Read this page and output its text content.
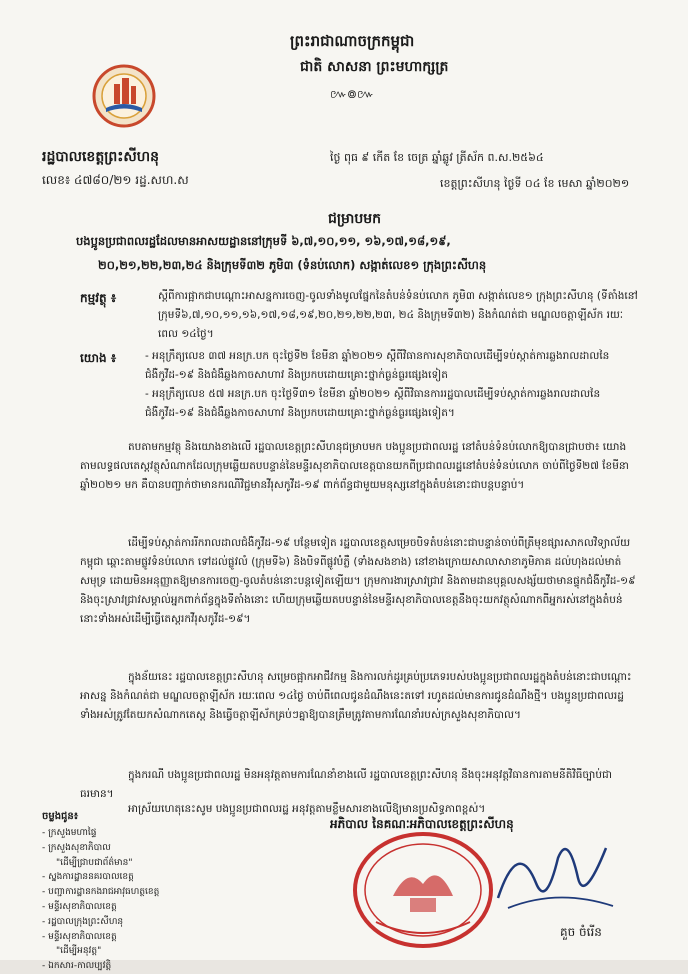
ព្រះរាជាណាចក្រកម្ពុជា
ជាតិ សាសនា ព្រះមហាក្សត្រ
៚៙៚
រដ្ឋបាលខេត្តព្រះសីហនុ
លេខ៖ ៤៧៨០/២១ រដ្ឋ.សហ.ស
ថ្ងៃ ពុធ ៩ កើត ខែ ចេត្រ ឆ្នាំឆ្លូវ ត្រីស័ក ព.ស.២៥៦៤
ខេត្តព្រះសីហនុ ថ្ងៃទី ០៤ ខែ មេសា ឆ្នាំ២០២១
ជម្រាបមក
បងប្អូនប្រជាពលរដ្ឋដែលមានអាសយដ្ឋាននៅក្រុមទី ៦,៧,១០,១១, ១៦,១៧,១៨,១៩,
២០,២១,២២,២៣,២៤ និងក្រុមទី៣២ ភូមិ៣ (ទំនប់លោក) សង្កាត់លេខ១ ក្រុងព្រះសីហនុ
កម្មវត្ថុ ៖	ស្តីពីការផ្អាកជាបណ្តោះអាសន្នការចេញ-ចូលទាំងមូលផ្នែកនៃតំបន់ទំនប់លោក ភូមិ៣ សង្កាត់លេខ១ ក្រុងព្រះសីហនុ (ទីតាំងនៅក្រុមទី៦,៧,១០,១១,១៦,១៧,១៨,១៩,២០,២១,២២,២៣, ២៤ និងក្រុមទី៣២) និងកំណត់ជា មណ្ឌលចត្តាឡីស័ក រយៈពេល ១៤ថ្ងៃ។

យោង ៖	- អនុក្រឹត្យលេខ ៣៧ អនក្រ.បក ចុះថ្ងៃទី២ ខែមីនា ឆ្នាំ២០២១ ស្តីពីវិធានការសុខាភិបាលដើម្បីទប់ស្កាត់ការឆ្លងរាលដាលនៃជំងឺកូវីដ-១៩ និងជំងឺឆ្លងកាចសាហាវ និងប្រកបដោយគ្រោះថ្នាក់ធ្ងន់ធ្ងរផ្សេងទៀត

- អនុក្រឹត្យលេខ ៥៧ អនក្រ.បក ចុះថ្ងៃទី៣១ ខែមីនា ឆ្នាំ២០២១ ស្តីពីវិធានការរដ្ឋបាលដើម្បីទប់ស្កាត់ការឆ្លងរាលដាលនៃជំងឺកូវីដ-១៩ និងជំងឺឆ្លងកាចសាហាវ និងប្រកបដោយគ្រោះថ្នាក់ធ្ងន់ធ្ងរផ្សេងទៀត។

តបតាមកម្មវត្ថុ និងយោងខាងលើ រដ្ឋបាលខេត្តព្រះសីហនុជម្រាបមក បងប្អូនប្រជាពលរដ្ឋ នៅតំបន់ទំនប់លោកឱ្យបានជ្រាបថា៖ យោងតាមលទ្ធផលតេស្តវត្ថុសំណាកដែលក្រុមឆ្លើយតបបន្ទាន់នៃមន្ទីរសុខាភិបាលខេត្តបានយកពីប្រជាពលរដ្ឋនៅតំបន់ទំនប់លោក ចាប់ពីថ្ងៃទី២៧ ខែមីនា ឆ្នាំ២០២១ មក គឺបានបញ្ជាក់ថាមានករណីវិជ្ជមានវីរុសកូវីដ-១៩ ពាក់ព័ន្ធជាមួយមនុស្សនៅក្នុងតំបន់នោះជាបន្តបន្ទាប់។

ដើម្បីទប់ស្កាត់ការរីករាលដាលជំងឺកូវីដ-១៩ បន្ថែមទៀត រដ្ឋបាលខេត្តសម្រេចបិទតំបន់នោះជាបន្ទាន់ចាប់ពីត្រីមុខផ្សារសាកលវិទ្យាល័យកម្ពុជា ឆ្ពោះតាមផ្លូវទំនប់លោក ទៅដល់ផ្លូវលំ (ក្រុមទី៦) និងបិទពីផ្លូវបំភ្លឺ (ទាំងសងខាង) នៅខាងក្រោយសាលាសាខាភូមិភាគ ដល់ហុងដល់មាត់សមុទ្រ ដោយមិនអនុញ្ញាតឱ្យមានការចេញ-ចូលតំបន់នោះបន្តទៀតឡើយ។ ក្រុមការងារស្រាវជ្រាវ និងតាមដានបុគ្គលសង្ស័យថាមានផ្ទុកជំងឺកូវីដ-១៩ និងចុះស្រាវជ្រាវសម្គាល់អ្នកពាក់ព័ន្ធក្នុងទីតាំងនោះ ហើយក្រុមឆ្លើយតបបន្ទាន់នៃមន្ទីរសុខាភិបាលខេត្តនឹងចុះយកវត្ថុសំណាកពីអ្នករស់នៅក្នុងតំបន់នោះទាំងអស់ដើម្បីធ្វើតេស្តរកវីរុសកូវីដ-១៩។

ក្នុងន័យនេះ រដ្ឋបាលខេត្តព្រះសីហនុ សម្រេចផ្អាកអាជីវកម្ម និងការលក់ដូរគ្រប់ប្រភេទរបស់បងប្អូនប្រជាពលរដ្ឋក្នុងតំបន់នោះជាបណ្តោះអាសន្ន និងកំណត់ជា មណ្ឌលចត្តាឡីស័ក រយៈពេល ១៤ថ្ងៃ ចាប់ពីពេលជូនដំណឹងនេះតទៅ រហូតដល់មានការជូនដំណឹងថ្មី។ បងប្អូនប្រជាពលរដ្ឋទាំងអស់ត្រូវតែយកសំណាកតេស្ត និងធ្វើចត្តាឡីស័កគ្រប់ៗគ្នាឱ្យបានត្រឹមត្រូវតាមការណែនាំរបស់ក្រសួងសុខាភិបាល។

ក្នុងករណី បងប្អូនប្រជាពលរដ្ឋ មិនអនុវត្តតាមការណែនាំខាងលើ រដ្ឋបាលខេត្តព្រះសីហនុ នឹងចុះអនុវត្តវិធានការតាមនីតិវិធីច្បាប់ជាធរមាន។

អាស្រ័យហេតុនេះសូម បងប្អូនប្រជាពលរដ្ឋ អនុវត្តតាមខ្លឹមសារខាងលើឱ្យមានប្រសិទ្ធភាពខ្ពស់។

ចម្លងជូន៖
- ក្រសួងមហាផ្ទៃ
- ក្រសួងសុខាភិបាល
"ដើម្បីជ្រាបជាព័ត៌មាន"
- ស្នងការដ្ឋាននគរបាលខេត្ត
- បញ្ជាការដ្ឋានកងរាជអាវុធហត្ថខេត្ត
- មន្ទីរសុខាភិបាលខេត្ត
- រដ្ឋបាលក្រុងព្រះសីហនុ
- មន្ទីរសុខាភិបាលខេត្ត
"ដើម្បីអនុវត្ត"
- ឯកសារ-កាលប្បវត្តិ
អភិបាល នៃគណៈអភិបាលខេត្តព្រះសីហនុ
គួច ចំរើន
